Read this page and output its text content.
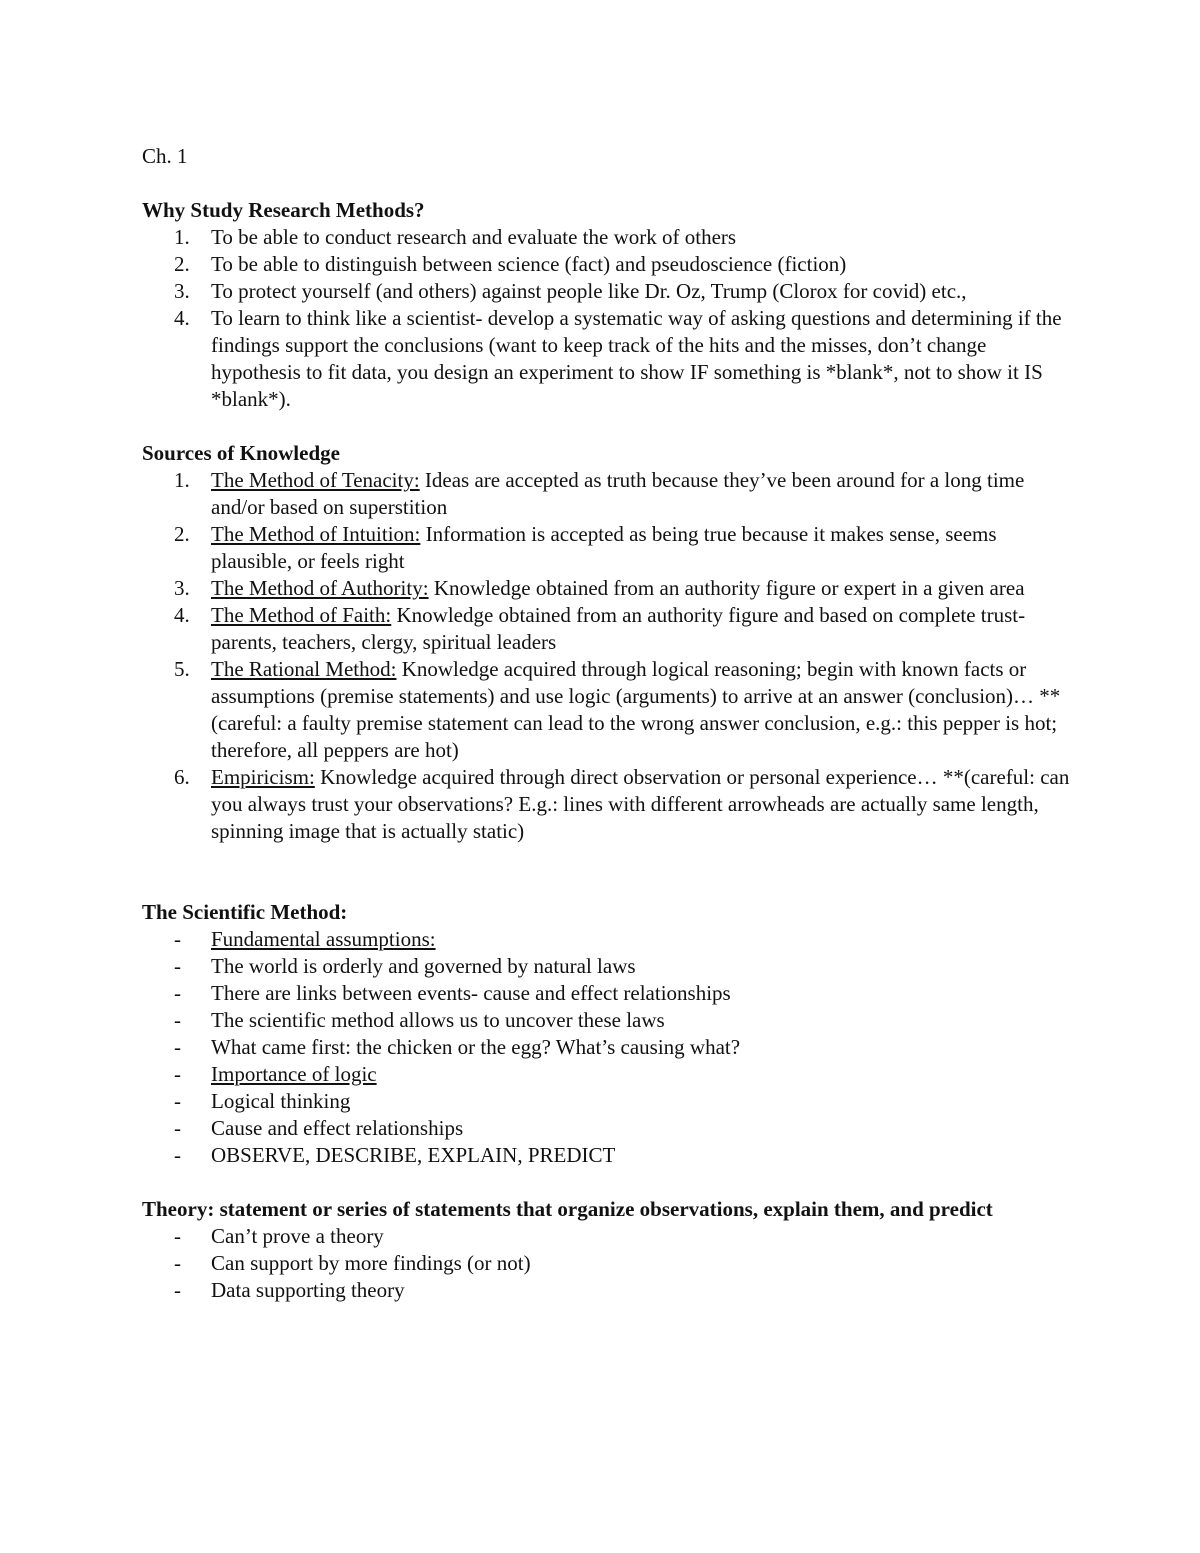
Ch. 1

Why Study Research Methods?

1.	To be able to conduct research and evaluate the work of others
2.	To be able to distinguish between science (fact) and pseudoscience (fiction)
3.	To protect yourself (and others) against people like Dr. Oz, Trump (Clorox for covid) etc.,
4.	To learn to think like a scientist- develop a systematic way of asking questions and determining if the findings support the conclusions (want to keep track of the hits and the misses, don’t change hypothesis to fit data, you design an experiment to show IF something is *blank*, not to show it IS *blank*).

Sources of Knowledge

1.	The Method of Tenacity: Ideas are accepted as truth because they’ve been around for a long time and/or based on superstition
2.	The Method of Intuition: Information is accepted as being true because it makes sense, seems plausible, or feels right
3.	The Method of Authority: Knowledge obtained from an authority figure or expert in a given area
4.	The Method of Faith: Knowledge obtained from an authority figure and based on complete trust- parents, teachers, clergy, spiritual leaders
5.	The Rational Method: Knowledge acquired through logical reasoning; begin with known facts or assumptions (premise statements) and use logic (arguments) to arrive at an answer (conclusion)… **(careful: a faulty premise statement can lead to the wrong answer conclusion, e.g.: this pepper is hot; therefore, all peppers are hot)
6.	Empiricism: Knowledge acquired through direct observation or personal experience… **(careful: can you always trust your observations? E.g.: lines with different arrowheads are actually same length, spinning image that is actually static)

The Scientific Method:

-	Fundamental assumptions:
-	The world is orderly and governed by natural laws
-	There are links between events- cause and effect relationships
-	The scientific method allows us to uncover these laws
-	What came first: the chicken or the egg? What’s causing what?
-	Importance of logic
-	Logical thinking
-	Cause and effect relationships
-	OBSERVE, DESCRIBE, EXPLAIN, PREDICT

Theory: statement or series of statements that organize observations, explain them, and predict

-	Can’t prove a theory
-	Can support by more findings (or not)
-	Data supporting theory
